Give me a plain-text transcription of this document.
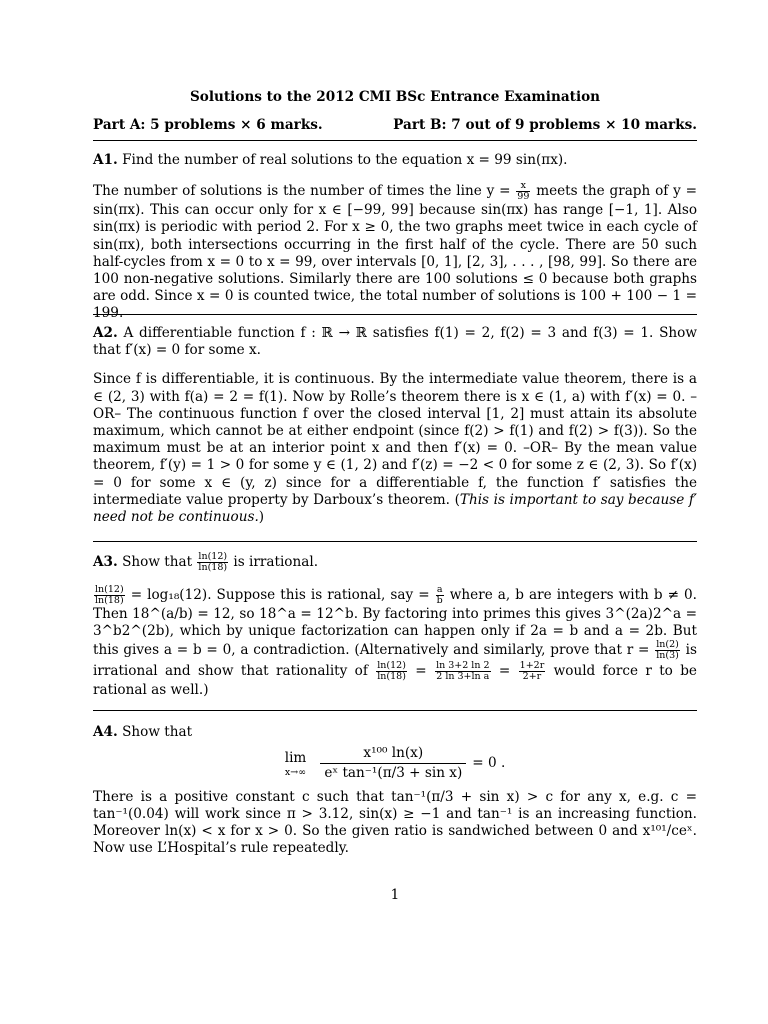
Solutions to the 2012 CMI BSc Entrance Examination
Part A: 5 problems × 6 marks.	Part B: 7 out of 9 problems × 10 marks.

A1. Find the number of real solutions to the equation x = 99 sin(πx).

The number of solutions is the number of times the line $y = \frac{x}{99}$ meets the graph of y = sin(πx). This can occur only for x ∈ [−99, 99] because sin(πx) has range [−1, 1]. Also sin(πx) is periodic with period 2. For x ≥ 0, the two graphs meet twice in each cycle of sin(πx), both intersections occurring in the first half of the cycle. There are 50 such half-cycles from x = 0 to x = 99, over intervals [0, 1], [2, 3], . . . , [98, 99]. So there are 100 non-negative solutions. Similarly there are 100 solutions ≤ 0 because both graphs are odd. Since x = 0 is counted twice, the total number of solutions is 100 + 100 − 1 = 199.

A2. A differentiable function f : ℝ → ℝ satisfies f(1) = 2, f(2) = 3 and f(3) = 1. Show that f′(x) = 0 for some x.

Since f is differentiable, it is continuous. By the intermediate value theorem, there is a ∈ (2, 3) with f(a) = 2 = f(1). Now by Rolle’s theorem there is x ∈ (1, a) with f′(x) = 0. –OR– The continuous function f over the closed interval [1, 2] must attain its absolute maximum, which cannot be at either endpoint (since f(2) > f(1) and f(2) > f(3)). So the maximum must be at an interior point x and then f′(x) = 0. –OR– By the mean value theorem, f′(y) = 1 > 0 for some y ∈ (1, 2) and f′(z) = −2 < 0 for some z ∈ (2, 3). So f′(x) = 0 for some x ∈ (y, z) since for a differentiable f, the function f′ satisfies the intermediate value property by Darboux’s theorem. (This is important to say because f′ need not be continuous.)

A3. Show that $\frac{\ln(12)}{\ln(18)}$ is irrational.

$\frac{\ln(12)}{\ln(18)} = \log_{18}(12)$. Suppose this is rational, say = $\frac{a}{b}$ where a, b are integers with b ≠ 0. Then 18^(a/b) = 12, so 18^a = 12^b. By factoring into primes this gives 3^(2a)2^a = 3^b2^(2b), which by unique factorization can happen only if 2a = b and a = 2b. But this gives a = b = 0, a contradiction. (Alternatively and similarly, prove that $r = \frac{\ln(2)}{\ln(3)}$ is irrational and show that rationality of $\frac{\ln(12)}{\ln(18)} = \frac{\ln 3+2 \ln 2}{\text{2 ln 3+ln a}} = \frac{1+2r}{2+r}$ would force r to be rational as well.)

A4. Show that

lim
$x\to\infty \frac{\text{x¹⁰⁰ ln(x)}}{\text{eˣ tan⁻¹(π/3 + sin x)}} = 0$ .

There is a positive constant c such that tan⁻¹(π/3 + sin x) > c for any x, e.g. c = tan⁻¹(0.04) will work since π > 3.12, sin(x) ≥ −1 and tan⁻¹ is an increasing function. Moreover ln(x) < x for x > 0. So the given ratio is sandwiched between 0 and x¹⁰¹/ceˣ. Now use L’Hospital’s rule repeatedly.

1
